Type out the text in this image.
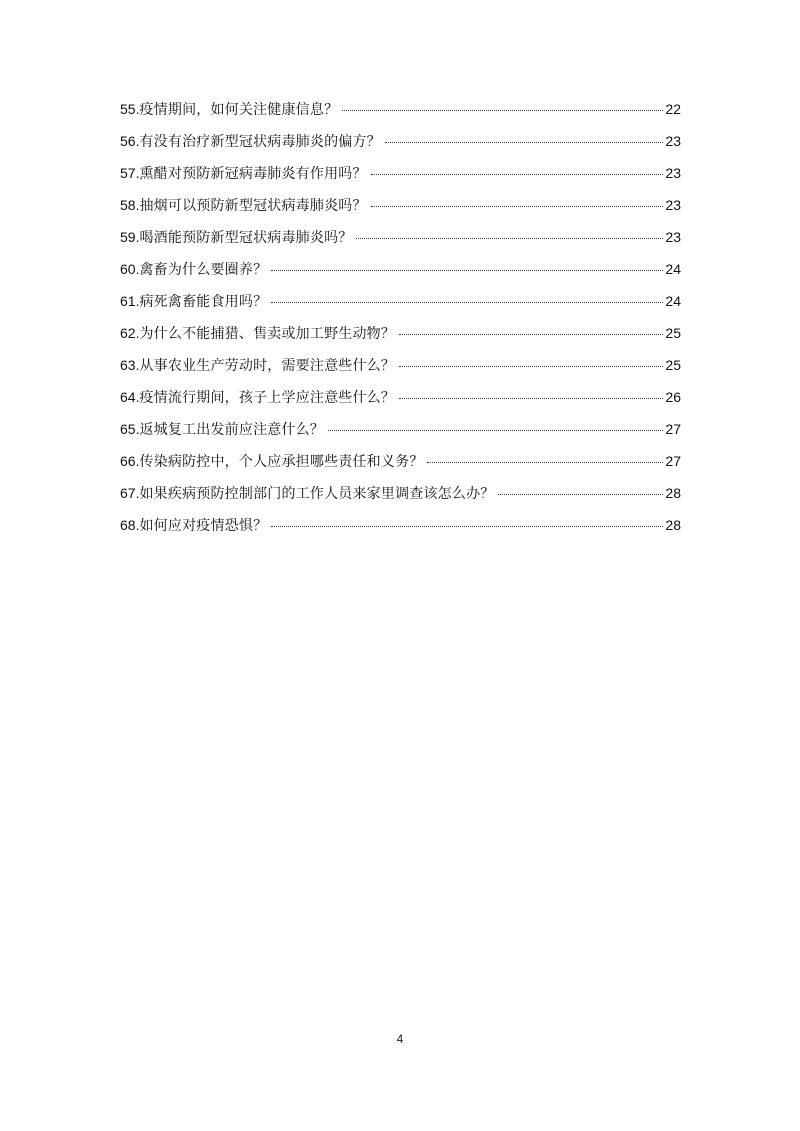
55. 疫情期间，如何关注健康信息？	22
56. 有没有治疗新型冠状病毒肺炎的偏方？	23
57. 熏醋对预防新冠病毒肺炎有作用吗？	23
58. 抽烟可以预防新型冠状病毒肺炎吗？	23
59. 喝酒能预防新型冠状病毒肺炎吗？	23
60. 禽畜为什么要圈养？	24
61. 病死禽畜能食用吗？	24
62. 为什么不能捕猎、售卖或加工野生动物？	25
63. 从事农业生产劳动时，需要注意些什么？	25
64. 疫情流行期间，孩子上学应注意些什么？	26
65. 返城复工出发前应注意什么？	27
66. 传染病防控中，个人应承担哪些责任和义务？	27
67. 如果疾病预防控制部门的工作人员来家里调查该怎么办？	28
68. 如何应对疫情恐惧？	28
4
